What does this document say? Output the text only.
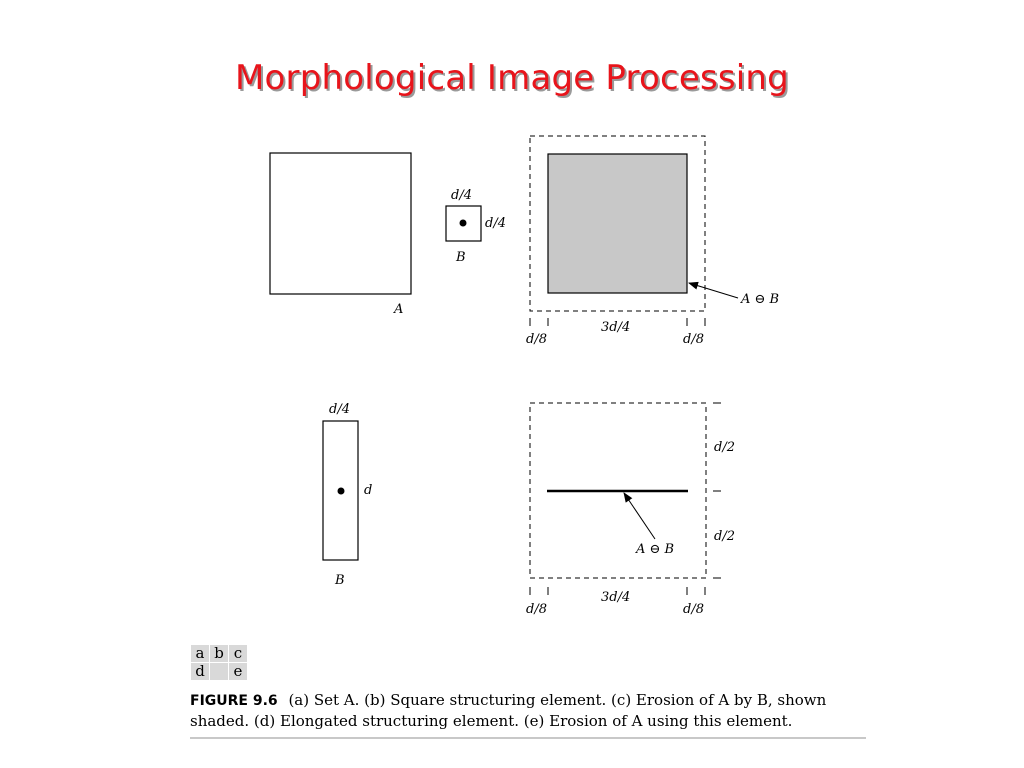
Morphological Image Processing
A
d/4
d/4
B
A ⊖ B
d/8
3d/4
d/8
d/4
d
B
A ⊖ B
d/2
d/2
d/8
3d/4
d/8
a	b	c
d		e
FIGURE 9.6 (a) Set A. (b) Square structuring element. (c) Erosion of A by B, shown shaded. (d) Elongated structuring element. (e) Erosion of A using this element.
